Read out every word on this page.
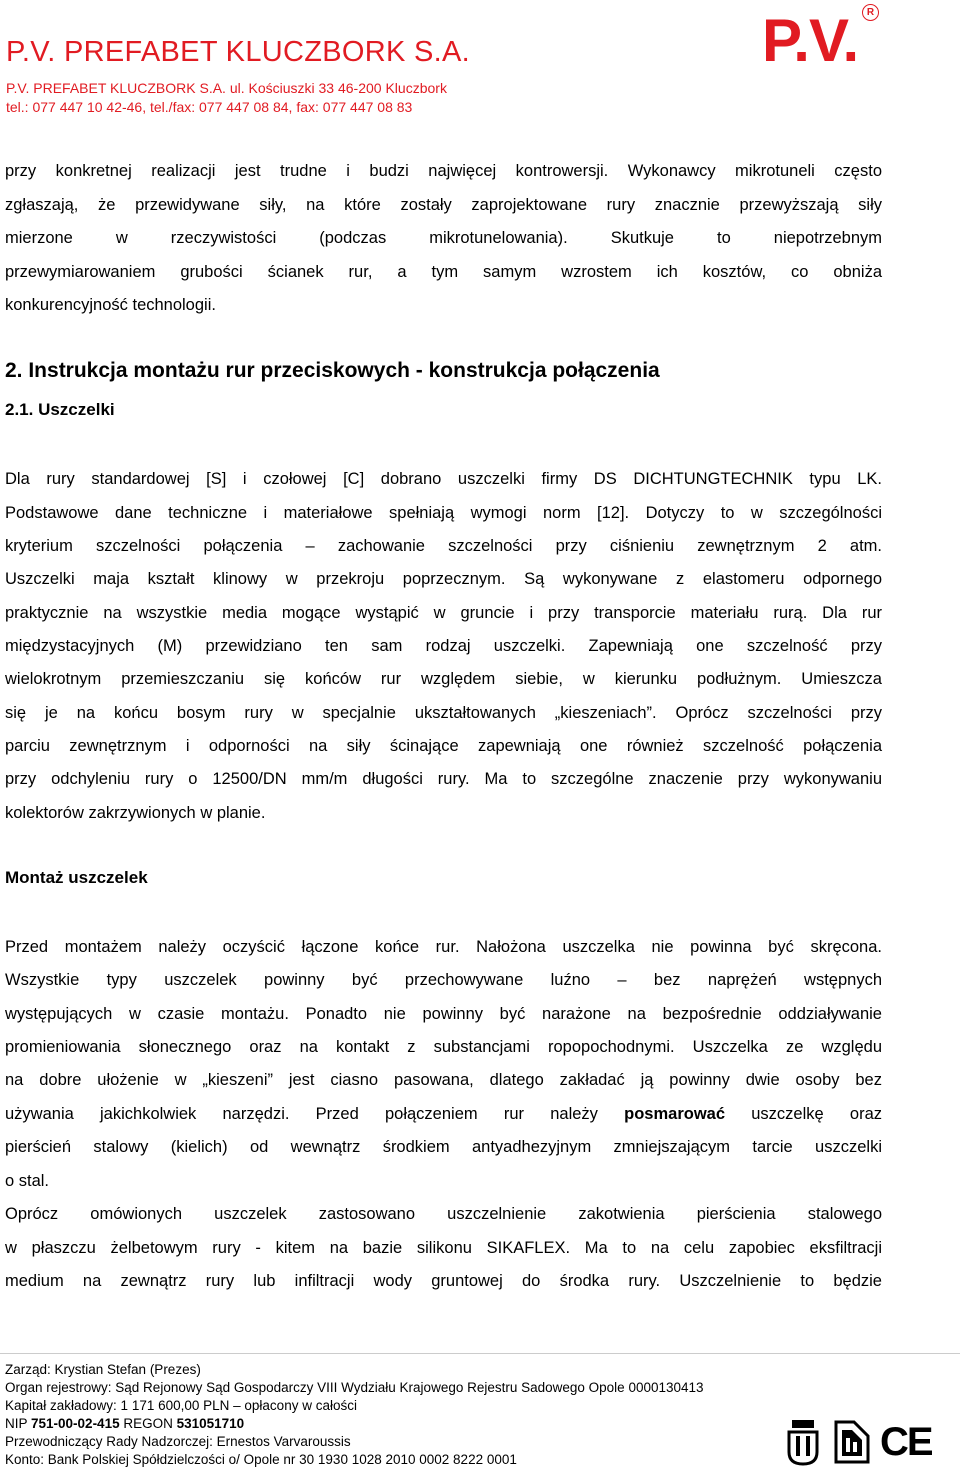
P.V. PREFABET KLUCZBORK S.A.
P.V. PREFABET KLUCZBORK S.A. ul. Kościuszki 33 46-200 Kluczbork
tel.: 077 447 10 42-46, tel./fax: 077 447 08 84, fax: 077 447 08 83
P.V. R
przy konkretnej realizacji jest trudne i budzi najwięcej kontrowersji. Wykonawcy mikrotuneli często
zgłaszają, że przewidywane siły, na które zostały zaprojektowane rury znacznie przewyższają siły
mierzone w rzeczywistości (podczas mikrotunelowania). Skutkuje to niepotrzebnym
przewymiarowaniem grubości ścianek rur, a tym samym wzrostem ich kosztów, co obniża
konkurencyjność technologii.
2. Instrukcja montażu rur przeciskowych - konstrukcja połączenia
2.1. Uszczelki
Dla rury standardowej [S] i czołowej [C] dobrano uszczelki firmy DS DICHTUNGTECHNIK typu LK.
Podstawowe dane techniczne i materiałowe spełniają wymogi norm [12]. Dotyczy to w szczególności
kryterium szczelności połączenia – zachowanie szczelności przy ciśnieniu zewnętrznym 2 atm.
Uszczelki maja kształt klinowy w przekroju poprzecznym. Są wykonywane z elastomeru odpornego
praktycznie na wszystkie media mogące wystąpić w gruncie i przy transporcie materiału rurą. Dla rur
międzystacyjnych (M) przewidziano ten sam rodzaj uszczelki. Zapewniają one szczelność przy
wielokrotnym przemieszczaniu się końców rur względem siebie, w kierunku podłużnym. Umieszcza
się je na końcu bosym rury w specjalnie ukształtowanych „kieszeniach”. Oprócz szczelności przy
parciu zewnętrznym i odporności na siły ścinające zapewniają one również szczelność połączenia
przy odchyleniu rury o 12500/DN mm/m długości rury. Ma to szczególne znaczenie przy wykonywaniu
kolektorów zakrzywionych w planie.
Montaż uszczelek
Przed montażem należy oczyścić łączone końce rur. Nałożona uszczelka nie powinna być skręcona.
Wszystkie typy uszczelek powinny być przechowywane luźno – bez naprężeń wstępnych
występujących w czasie montażu. Ponadto nie powinny być narażone na bezpośrednie oddziaływanie
promieniowania słonecznego oraz na kontakt z substancjami ropopochodnymi. Uszczelka ze względu
na dobre ułożenie w „kieszeni” jest ciasno pasowana, dlatego zakładać ją powinny dwie osoby bez
używania jakichkolwiek narzędzi. Przed połączeniem rur należy posmarować uszczelkę oraz
pierścień stalowy (kielich) od wewnątrz środkiem antyadhezyjnym zmniejszającym tarcie uszczelki
o stal.
Oprócz omówionych uszczelek zastosowano uszczelnienie zakotwienia pierścienia stalowego
w płaszczu żelbetowym rury - kitem na bazie silikonu SIKAFLEX. Ma to na celu zapobiec eksfiltracji
medium na zewnątrz rury lub infiltracji wody gruntowej do środka rury. Uszczelnienie to będzie
Zarząd: Krystian Stefan (Prezes)
Organ rejestrowy: Sąd Rejonowy Sąd Gospodarczy VIII Wydziału Krajowego Rejestru Sadowego Opole 0000130413
Kapitał zakładowy: 1 171 600,00 PLN – opłacony w całości
NIP 751-00-02-415 REGON 531051710
Przewodniczący Rady Nadzorczej: Ernestos Varvaroussis
Konto: Bank Polskiej Spółdzielczości o/ Opole nr 30 1930 1028 2010 0002 8222 0001	CE
